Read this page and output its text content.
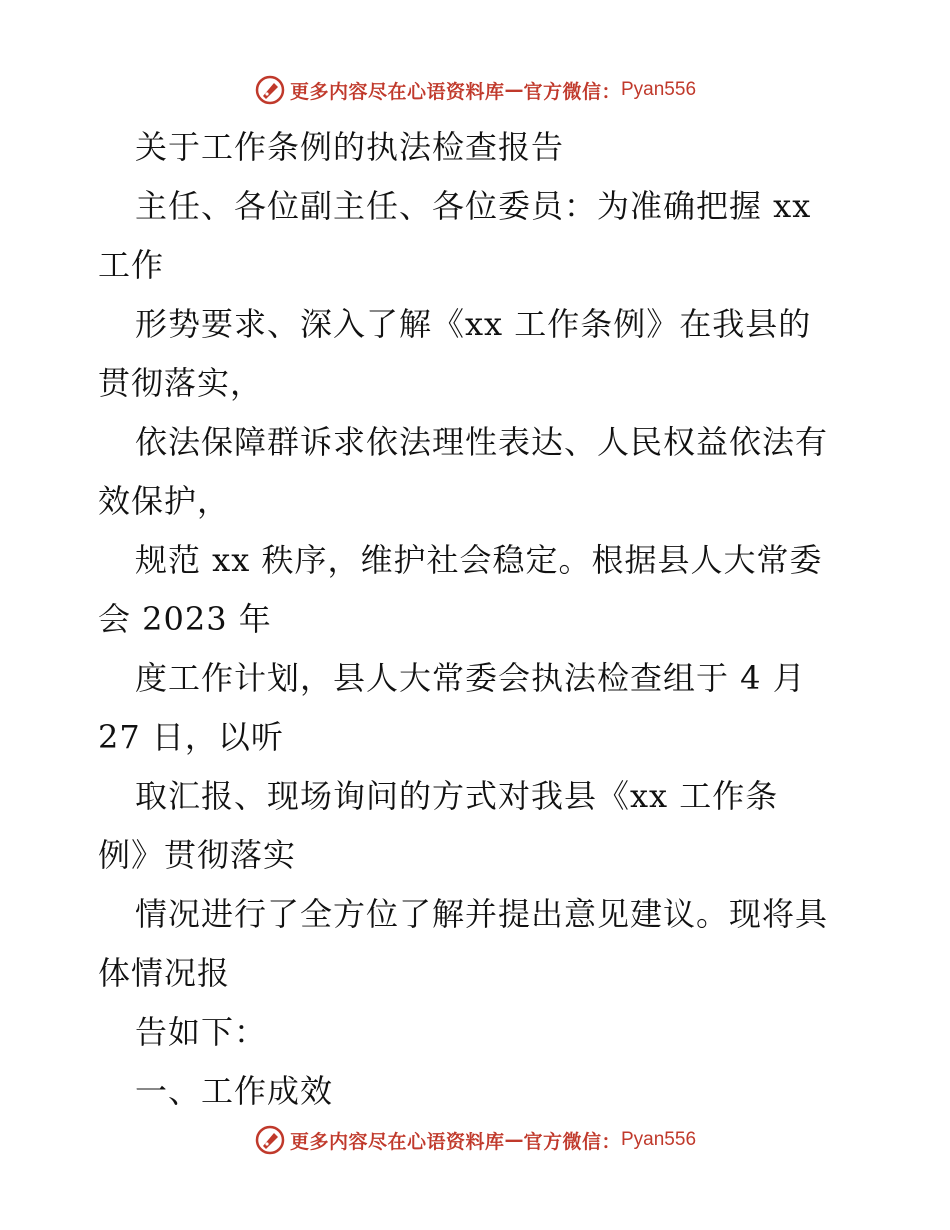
更多内容尽在心语资料库 — 官方微信： Pyan556
关于工作条例的执法检查报告
主任、各位副主任、各位委员：为准确把握 xx
工作
形势要求、深入了解《xx 工作条例》在我县的
贯彻落实，
依法保障群诉求依法理性表达、人民权益依法有
效保护，
规范 xx 秩序，维护社会稳定。根据县人大常委
会 2023 年
度工作计划，县人大常委会执法检查组于 4 月
27 日，以听
取汇报、现场询问的方式对我县《xx 工作条
例》贯彻落实
情况进行了全方位了解并提出意见建议。现将具
体情况报
告如下：
一、工作成效
更多内容尽在心语资料库 — 官方微信： Pyan556
